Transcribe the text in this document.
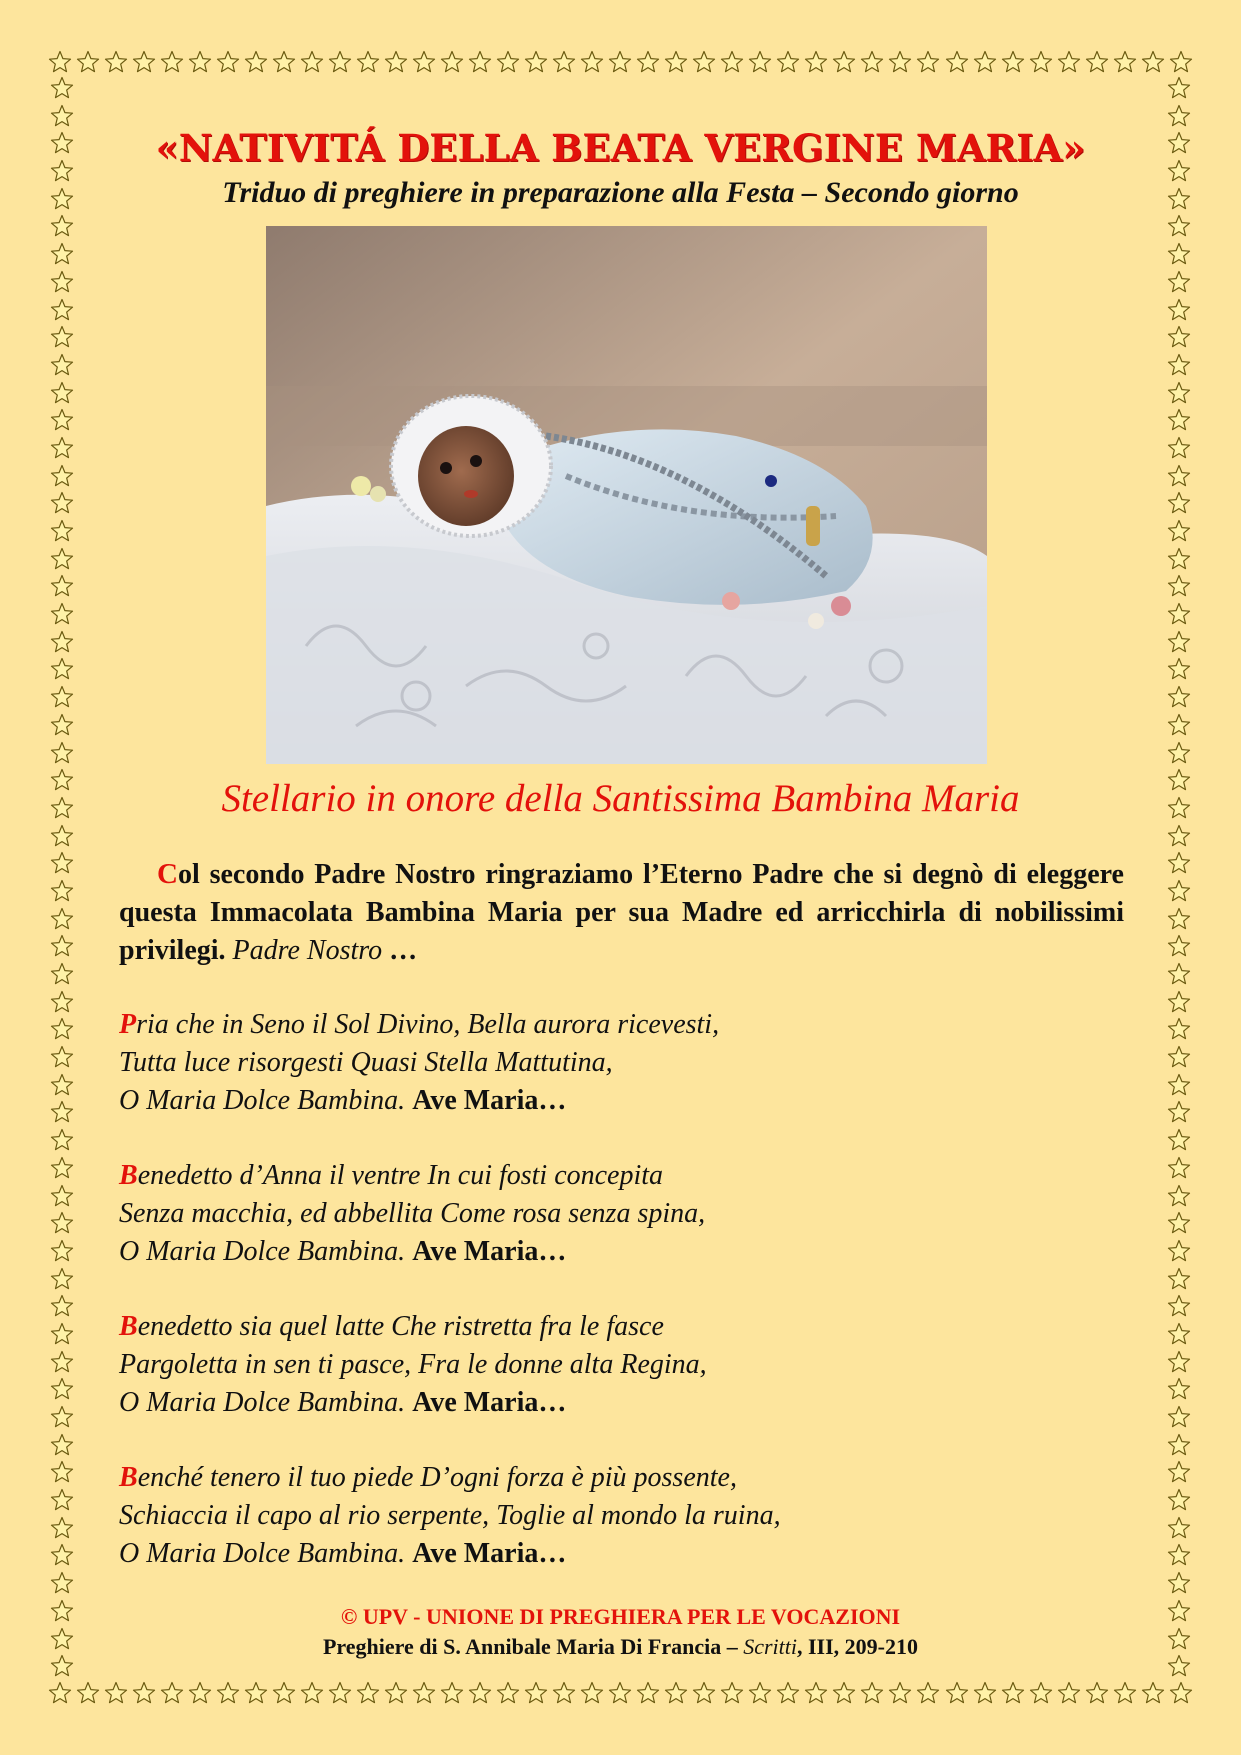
«NATIVITÁ DELLA BEATA VERGINE MARIA»
Triduo di preghiere in preparazione alla Festa – Secondo giorno
Stellario in onore della Santissima Bambina Maria
Col secondo Padre Nostro ringraziamo l’Eterno Padre che si degnò di eleggere questa Immacolata Bambina Maria per sua Madre ed arricchirla di nobilissimi privilegi. Padre Nostro …
Pria che in Seno il Sol Divino, Bella aurora ricevesti,
Tutta luce risorgesti Quasi Stella Mattutina,
O Maria Dolce Bambina. Ave Maria…
Benedetto d’Anna il ventre In cui fosti concepita
Senza macchia, ed abbellita Come rosa senza spina,
O Maria Dolce Bambina. Ave Maria…
Benedetto sia quel latte Che ristretta fra le fasce
Pargoletta in sen ti pasce, Fra le donne alta Regina,
O Maria Dolce Bambina. Ave Maria…
Benché tenero il tuo piede D’ogni forza è più possente,
Schiaccia il capo al rio serpente, Toglie al mondo la ruina,
O Maria Dolce Bambina. Ave Maria…
© UPV - UNIONE DI PREGHIERA PER LE VOCAZIONI
Preghiere di S. Annibale Maria Di Francia – Scritti, III, 209-210
